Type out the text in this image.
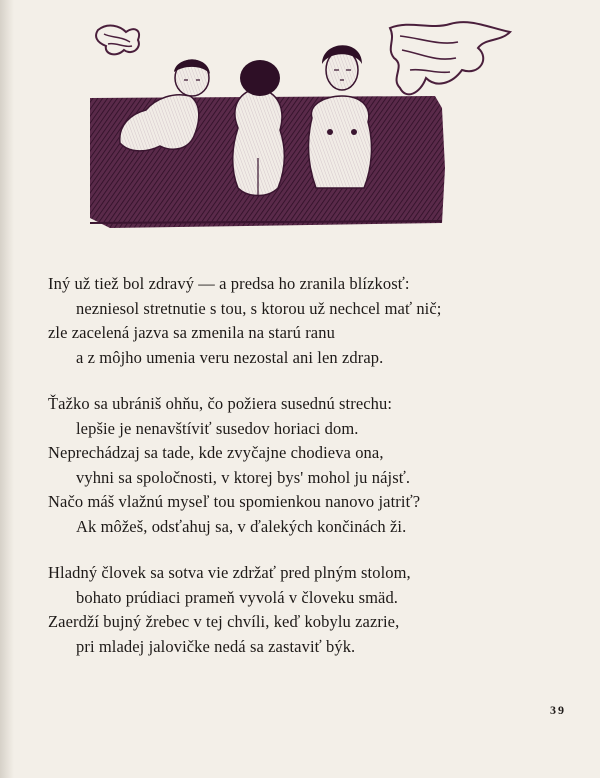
Iný už tiež bol zdravý — a predsa ho zranila blízkosť:
nezniesol stretnutie s tou, s ktorou už nechcel mať nič;
zle zacelená jazva sa zmenila na starú ranu
a z môjho umenia veru nezostal ani len zdrap.
Ťažko sa ubrániš ohňu, čo požiera susednú strechu:
lepšie je nenavštíviť susedov horiaci dom.
Neprechádzaj sa tade, kde zvyčajne chodieva ona,
vyhni sa spoločnosti, v ktorej bys' mohol ju nájsť.
Načo máš vlažnú myseľ tou spomienkou nanovo jatriť?
Ak môžeš, odsťahuj sa, v ďalekých končinách ži.
Hladný človek sa sotva vie zdržať pred plným stolom,
bohato prúdiaci prameň vyvolá v človeku smäd.
Zaerdží bujný žrebec v tej chvíli, keď kobylu zazrie,
pri mladej jalovičke nedá sa zastaviť býk.
39
